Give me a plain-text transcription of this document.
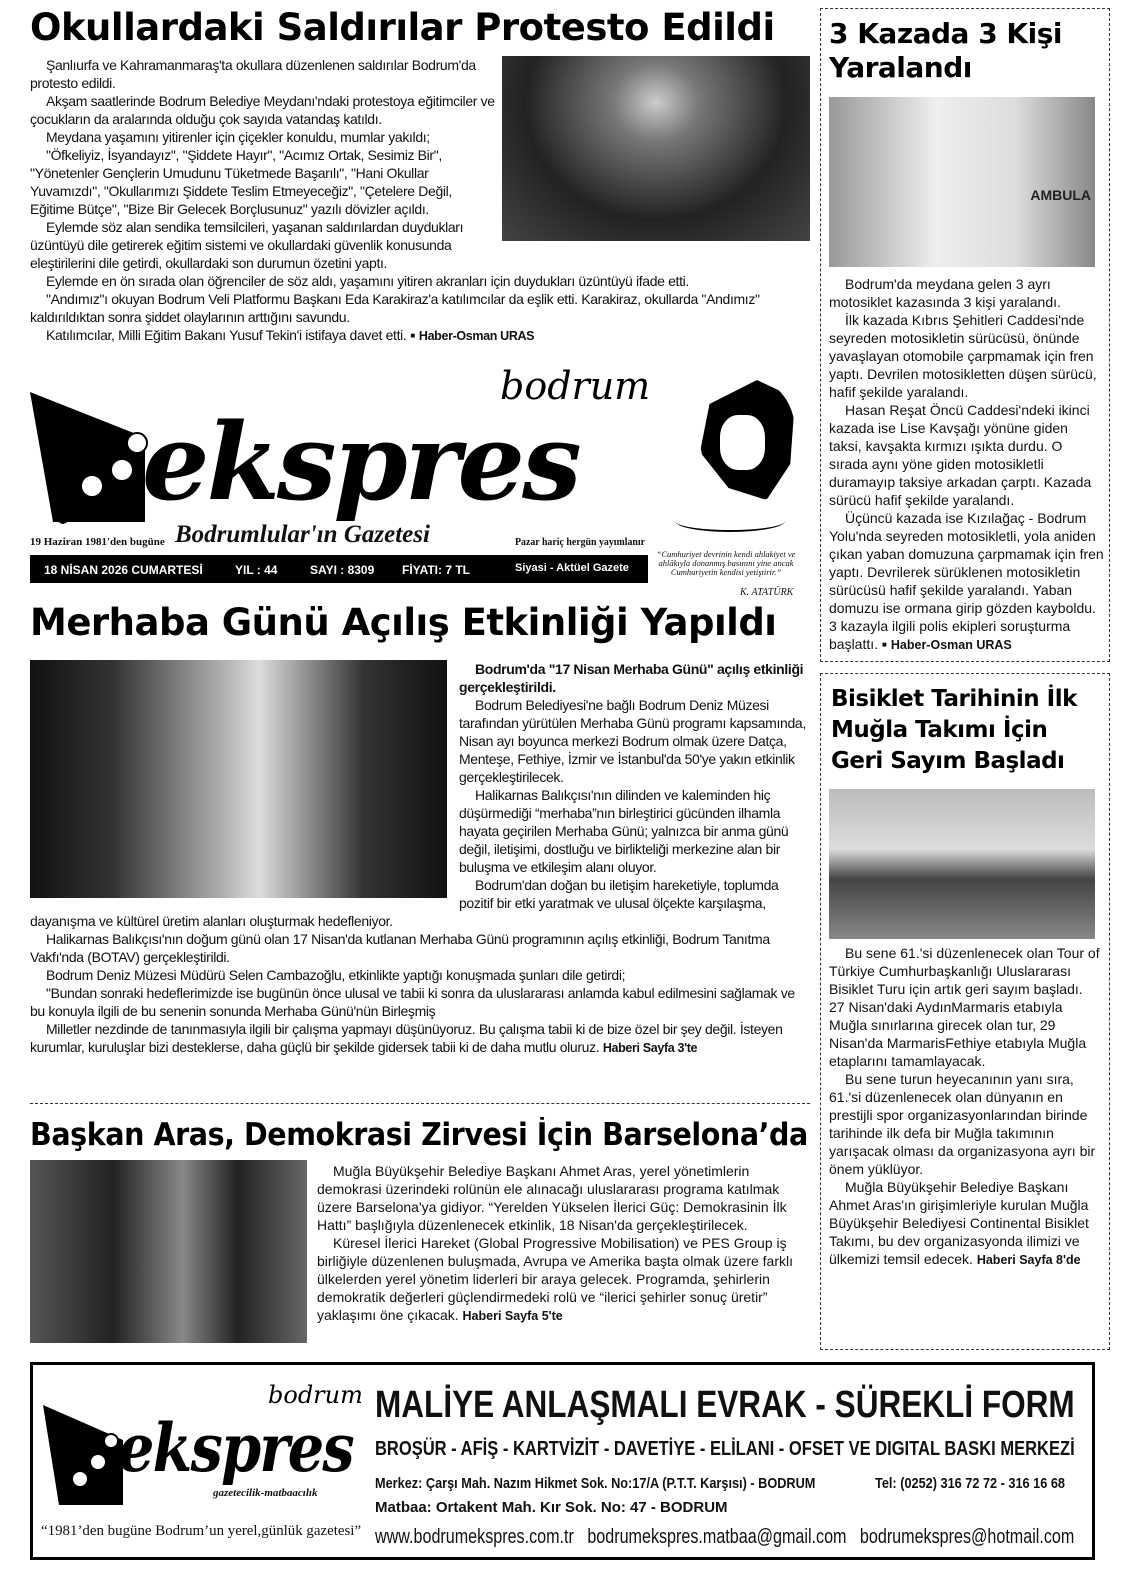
Okullardaki Saldırılar Protesto Edildi

Şanlıurfa ve Kahramanmaraş'ta okullara düzenlenen saldırılar Bodrum'da protesto edildi.

Akşam saatlerinde Bodrum Belediye Meydanı'ndaki protestoya eğitimciler ve çocukların da aralarında olduğu çok sayıda vatandaş katıldı.

Meydana yaşamını yitirenler için çiçekler konuldu, mumlar yakıldı;

"Öfkeliyiz, İsyandayız", "Şiddete Hayır", "Acımız Ortak, Sesimiz Bir", "Yönetenler Gençlerin Umudunu Tüketmede Başarılı", "Hani Okullar Yuvamızdı", "Okullarımızı Şiddete Teslim Etmeyeceğiz", "Çetelere Değil, Eğitime Bütçe", "Bize Bir Gelecek Borçlusunuz" yazılı dövizler açıldı.

Eylemde söz alan sendika temsilcileri, yaşanan saldırılardan duydukları üzüntüyü dile getirerek eğitim sistemi ve okullardaki güvenlik konusunda eleştirilerini dile getirdi, okullardaki son durumun özetini yaptı.

Eylemde en ön sırada olan öğrenciler de söz aldı, yaşamını yitiren akranları için duydukları üzüntüyü ifade etti.

"Andımız"ı okuyan Bodrum Veli Platformu Başkanı Eda Karakiraz'a katılımcılar da eşlik etti. Karakiraz, okullarda "Andımız" kaldırıldıktan sonra şiddet olaylarının arttığını savundu.

Katılımcılar, Milli Eğitim Bakanı Yusuf Tekin'i istifaya davet etti. ■ Haber-Osman URAS

bodrum
ekspres
19 Haziran 1981'den bugüne Bodrumlular'ın Gazetesi	Pazar hariç hergün yayımlanır
18 NİSAN 2026 CUMARTESİ	YIL : 44	SAYI : 8309 FİYATI: 7 TL	Siyasi - Aktüel Gazete
“Cumhuriyet devrinin kendi ahlakiyet ve ahlâkıyla donanmış basınını yine ancak Cumhuriyetin kendisi yetiştirir.”
K. ATATÜRK
Merhaba Günü Açılış Etkinliği Yapıldı

Bodrum'da "17 Nisan Merhaba Günü" açılış etkinliği gerçekleştirildi.

Bodrum Belediyesi'ne bağlı Bodrum Deniz Müzesi tarafından yürütülen Merhaba Günü programı kapsamında, Nisan ayı boyunca merkezi Bodrum olmak üzere Datça, Menteşe, Fethiye, İzmir ve İstanbul'da 50'ye yakın etkinlik gerçekleştirilecek.

Halikarnas Balıkçısı'nın dilinden ve kaleminden hiç düşürmediği “merhaba”nın birleştirici gücünden ilhamla hayata geçirilen Merhaba Günü; yalnızca bir anma günü değil, iletişimi, dostluğu ve birlikteliği merkezine alan bir buluşma ve etkileşim alanı oluyor.

Bodrum'dan doğan bu iletişim hareketiyle, toplumda pozitif bir etki yaratmak ve ulusal ölçekte karşılaşma, dayanışma ve kültürel üretim alanları oluşturmak hedefleniyor.

Halikarnas Balıkçısı'nın doğum günü olan 17 Nisan'da kutlanan Merhaba Günü programının açılış etkinliği, Bodrum Tanıtma Vakfı'nda (BOTAV) gerçekleştirildi.

Bodrum Deniz Müzesi Müdürü Selen Cambazoğlu, etkinlikte yaptığı konuşmada şunları dile getirdi;

"Bundan sonraki hedeflerimizde ise bugünün önce ulusal ve tabii ki sonra da uluslararası anlamda kabul edilmesini sağlamak ve bu konuyla ilgili de bu senenin sonunda Merhaba Günü'nün Birleşmiş

Milletler nezdinde de tanınmasıyla ilgili bir çalışma yapmayı düşünüyoruz. Bu çalışma tabii ki de bize özel bir şey değil. İsteyen kurumlar, kuruluşlar bizi desteklerse, daha güçlü bir şekilde gidersek tabii ki de daha mutlu oluruz. Haberi Sayfa 3'te

Başkan Aras, Demokrasi Zirvesi İçin Barselona’da

Muğla Büyükşehir Belediye Başkanı Ahmet Aras, yerel yönetimlerin demokrasi üzerindeki rolünün ele alınacağı uluslararası programa katılmak üzere Barselona'ya gidiyor. “Yerelden Yükselen İlerici Güç: Demokrasinin İlk Hattı” başlığıyla düzenlenecek etkinlik, 18 Nisan'da gerçekleştirilecek.

Küresel İlerici Hareket (Global Progressive Mobilisation) ve PES Group iş birliğiyle düzenlenen buluşmada, Avrupa ve Amerika başta olmak üzere farklı ülkelerden yerel yönetim liderleri bir araya gelecek. Programda, şehirlerin demokratik değerleri güçlendirmedeki rolü ve “ilerici şehirler sonuç üretir” yaklaşımı öne çıkacak. Haberi Sayfa 5'te

3 Kazada 3 Kişi Yaralandı
AMBULA

Bodrum'da meydana gelen 3 ayrı motosiklet kazasında 3 kişi yaralandı.

İlk kazada Kıbrıs Şehitleri Caddesi'nde seyreden motosikletin sürücüsü, önünde yavaşlayan otomobile çarpmamak için fren yaptı. Devrilen motosikletten düşen sürücü, hafif şekilde yaralandı.

Hasan Reşat Öncü Caddesi'ndeki ikinci kazada ise Lise Kavşağı yönüne giden taksi, kavşakta kırmızı ışıkta durdu. O sırada aynı yöne giden motosikletli duramayıp taksiye arkadan çarptı. Kazada sürücü hafif şekilde yaralandı.

Üçüncü kazada ise Kızılağaç - Bodrum Yolu'nda seyreden motosikletli, yola aniden çıkan yaban domuzuna çarpmamak için fren yaptı. Devrilerek sürüklenen motosikletin sürücüsü hafif şekilde yaralandı. Yaban domuzu ise ormana girip gözden kayboldu. 3 kazayla ilgili polis ekipleri soruşturma başlattı. ■ Haber-Osman URAS

Bisiklet Tarihinin İlk Muğla Takımı İçin Geri Sayım Başladı

Bu sene 61.'si düzenlenecek olan Tour of Türkiye Cumhurbaşkanlığı Uluslararası Bisiklet Turu için artık geri sayım başladı.

27 Nisan'daki AydınMarmaris etabıyla Muğla sınırlarına girecek olan tur, 29 Nisan'da MarmarisFethiye etabıyla Muğla etaplarını tamamlayacak.

Bu sene turun heyecanının yanı sıra, 61.'si düzenlenecek olan dünyanın en prestijli spor organizasyonlarından birinde tarihinde ilk defa bir Muğla takımının yarışacak olması da organizasyona ayrı bir önem yüklüyor.

Muğla Büyükşehir Belediye Başkanı Ahmet Aras'ın girişimleriyle kurulan Muğla Büyükşehir Belediyesi Continental Bisiklet Takımı, bu dev organizasyonda ilimizi ve ülkemizi temsil edecek. Haberi Sayfa 8'de

bodrum
ekspres
gazetecilik-matbaacılık
“1981’den bugüne Bodrum’un yerel,günlük gazetesi”
MALİYE ANLAŞMALI EVRAK - SÜREKLİ FORM
BROŞÜR - AFİŞ - KARTVİZİT - DAVETİYE - ELİLANI - OFSET VE DIGITAL BASKI MERKEZİ
Merkez: Çarşı Mah. Nazım Hikmet Sok. No:17/A (P.T.T. Karşısı) - BODRUM	Tel: (0252) 316 72 72 - 316 16 68
Matbaa: Ortakent Mah. Kır Sok. No: 47 - BODRUM
www.bodrumekspres.com.tr bodrumekspres.matbaa@gmail.com bodrumekspres@hotmail.com
